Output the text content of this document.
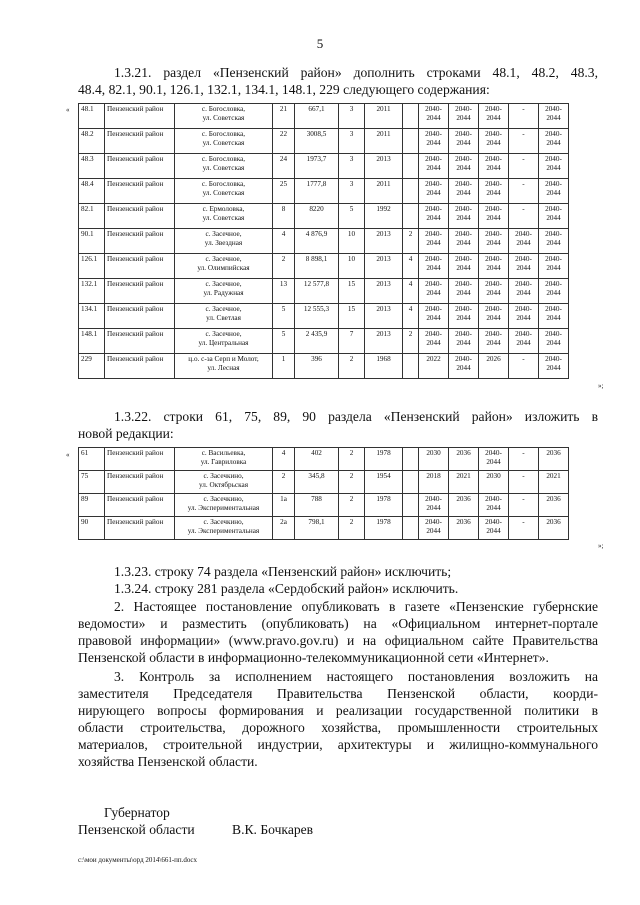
5
1.3.21. раздел «Пензенский район» дополнить строками 48.1, 48.2, 48.3,
48.4, 82.1, 90.1, 126.1, 132.1, 134.1, 148.1, 229 следующего содержания:
« 48.1	Пензенский район	с. Богословка,
ул. Советская	21	667,1	3	2011		2040-2044	2040-2044	2040-2044	-	2040-2044
48.2	Пензенский район	с. Богословка,
ул. Советская	22	3008,5	3	2011		2040-2044	2040-2044	2040-2044	-	2040-2044
48.3	Пензенский район	с. Богословка,
ул. Советская	24	1973,7	3	2013		2040-2044	2040-2044	2040-2044	-	2040-2044
48.4	Пензенский район	с. Богословка,
ул. Советская	25	1777,8	3	2011		2040-2044	2040-2044	2040-2044	-	2040-2044
82.1	Пензенский район	с. Ермоловка,
ул. Советская	8	8220	5	1992		2040-2044	2040-2044	2040-2044	-	2040-2044
90.1	Пензенский район	с. Засечное,
ул. Звездная	4	4 876,9	10	2013	2	2040-2044	2040-2044	2040-2044	2040-2044	2040-2044
126.1	Пензенский район	с. Засечное,
ул. Олимпийская	2	8 898,1	10	2013	4	2040-2044	2040-2044	2040-2044	2040-2044	2040-2044
132.1	Пензенский район	с. Засечное,
ул. Радужная	13	12 577,8	15	2013	4	2040-2044	2040-2044	2040-2044	2040-2044	2040-2044
134.1	Пензенский район	с. Засечное,
ул. Светлая	5	12 555,3	15	2013	4	2040-2044	2040-2044	2040-2044	2040-2044	2040-2044
148.1	Пензенский район	с. Засечное,
ул. Центральная	5	2 435,9	7	2013	2	2040-2044	2040-2044	2040-2044	2040-2044	2040-2044
229	Пензенский район	ц.о. с-за Серп и Молот,
ул. Лесная	1	396	2	1968		2022	2040-2044	2026	-	2040-2044
»;
1.3.22. строки 61, 75, 89, 90 раздела «Пензенский район» изложить в
новой редакции:
« 61	Пензенский район	с. Васильевка,
ул. Гавриловка	4	402	2	1978		2030	2036	2040-2044	-	2036
75	Пензенский район	с. Засечкино,
ул. Октябрьская	2	345,8	2	1954		2018	2021	2030	-	2021
89	Пензенский район	с. Засечкино,
ул. Экспериментальная	1а	788	2	1978		2040-2044	2036	2040-2044	-	2036
90	Пензенский район	с. Засечкино,
ул. Экспериментальная	2а	798,1	2	1978		2040-2044	2036	2040-2044	-	2036
»;
1.3.23. строку 74 раздела «Пензенский район» исключить;
1.3.24. строку 281 раздела «Сердобский район» исключить.
2. Настоящее постановление опубликовать в газете «Пензенские губернские
ведомости» и разместить (опубликовать) на «Официальном интернет-портале
правовой информации» (www.pravo.gov.ru) и на официальном сайте Правительства
Пензенской области в информационно-телекоммуникационной сети «Интернет».
3. Контроль за исполнением настоящего постановления возложить на
заместителя Председателя Правительства Пензенской области, коорди-
нирующего вопросы формирования и реализации государственной политики в
области строительства, дорожного хозяйства, промышленности строительных
материалов, строительной индустрии, архитектуры и жилищно-коммунального
хозяйства Пензенской области.
Губернатор
Пензенской области	В.К. Бочкарев
c:\мои документы\орд 2014\661-пп.docx
